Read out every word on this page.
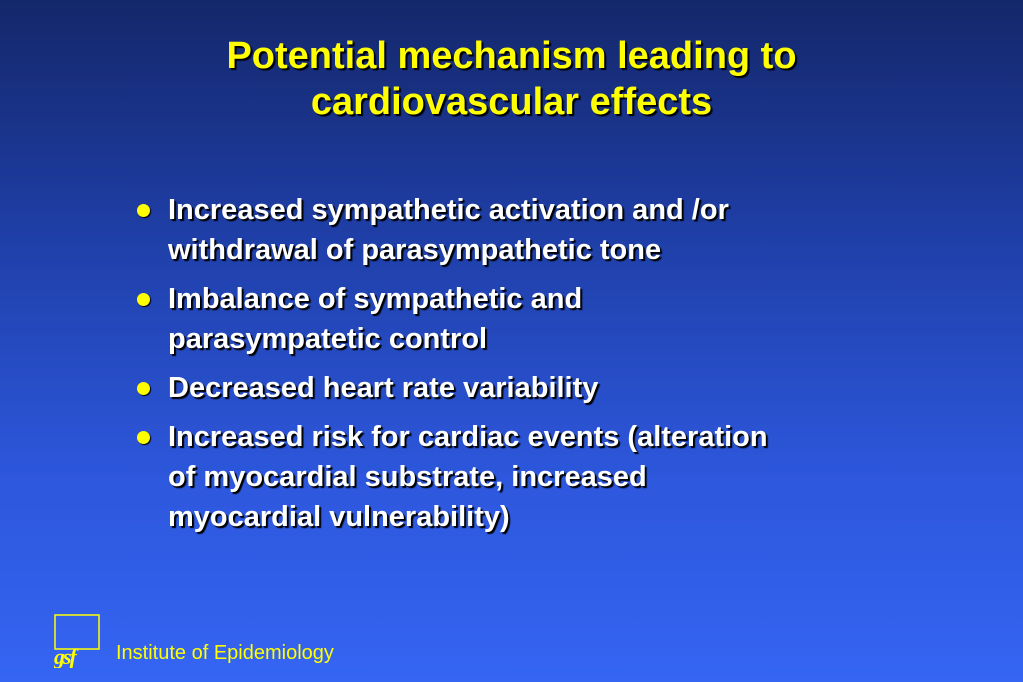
Potential mechanism leading to
cardiovascular effects
Increased sympathetic activation and /or
withdrawal of parasympathetic tone
Imbalance of sympathetic and
parasympatetic control
Decreased heart rate variability
Increased risk for cardiac events (alteration
of myocardial substrate, increased
myocardial vulnerability)
gsf Institute of Epidemiology
